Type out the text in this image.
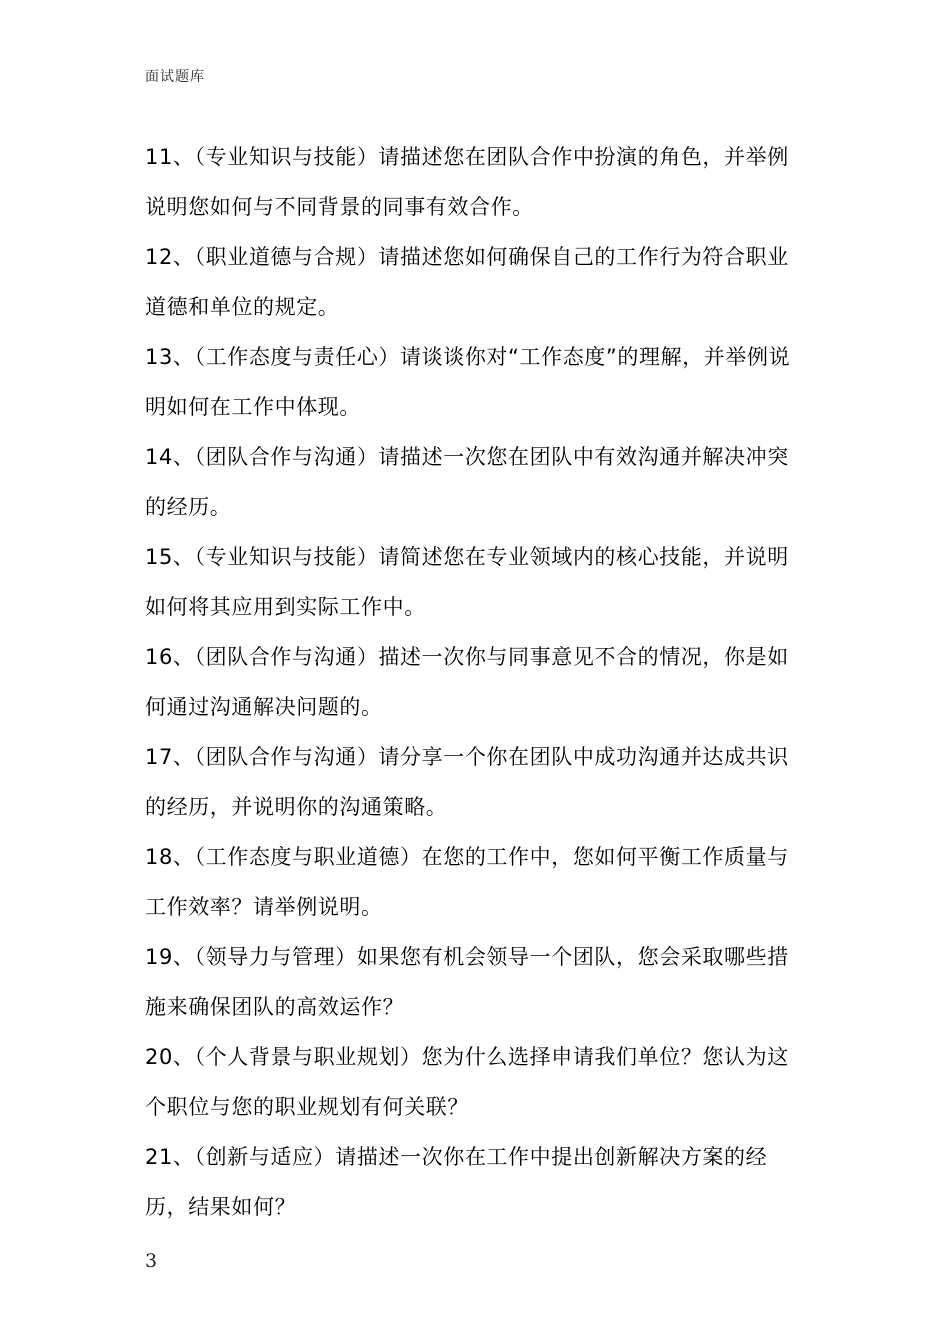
面试题库
11、（专业知识与技能）请描述您在团队合作中扮演的角色，并举例说明您如何与不同背景的同事有效合作。
12、（职业道德与合规）请描述您如何确保自己的工作行为符合职业道德和单位的规定。
13、（工作态度与责任心）请谈谈你对“工作态度”的理解，并举例说明如何在工作中体现。
14、（团队合作与沟通）请描述一次您在团队中有效沟通并解决冲突的经历。
15、（专业知识与技能）请简述您在专业领域内的核心技能，并说明如何将其应用到实际工作中。
16、（团队合作与沟通）描述一次你与同事意见不合的情况，你是如何通过沟通解决问题的。
17、（团队合作与沟通）请分享一个你在团队中成功沟通并达成共识的经历，并说明你的沟通策略。
18、（工作态度与职业道德）在您的工作中，您如何平衡工作质量与工作效率？请举例说明。
19、（领导力与管理）如果您有机会领导一个团队，您会采取哪些措施来确保团队的高效运作？
20、（个人背景与职业规划）您为什么选择申请我们单位？您认为这个职位与您的职业规划有何关联？
21、（创新与适应）请描述一次你在工作中提出创新解决方案的经历，结果如何？
3
